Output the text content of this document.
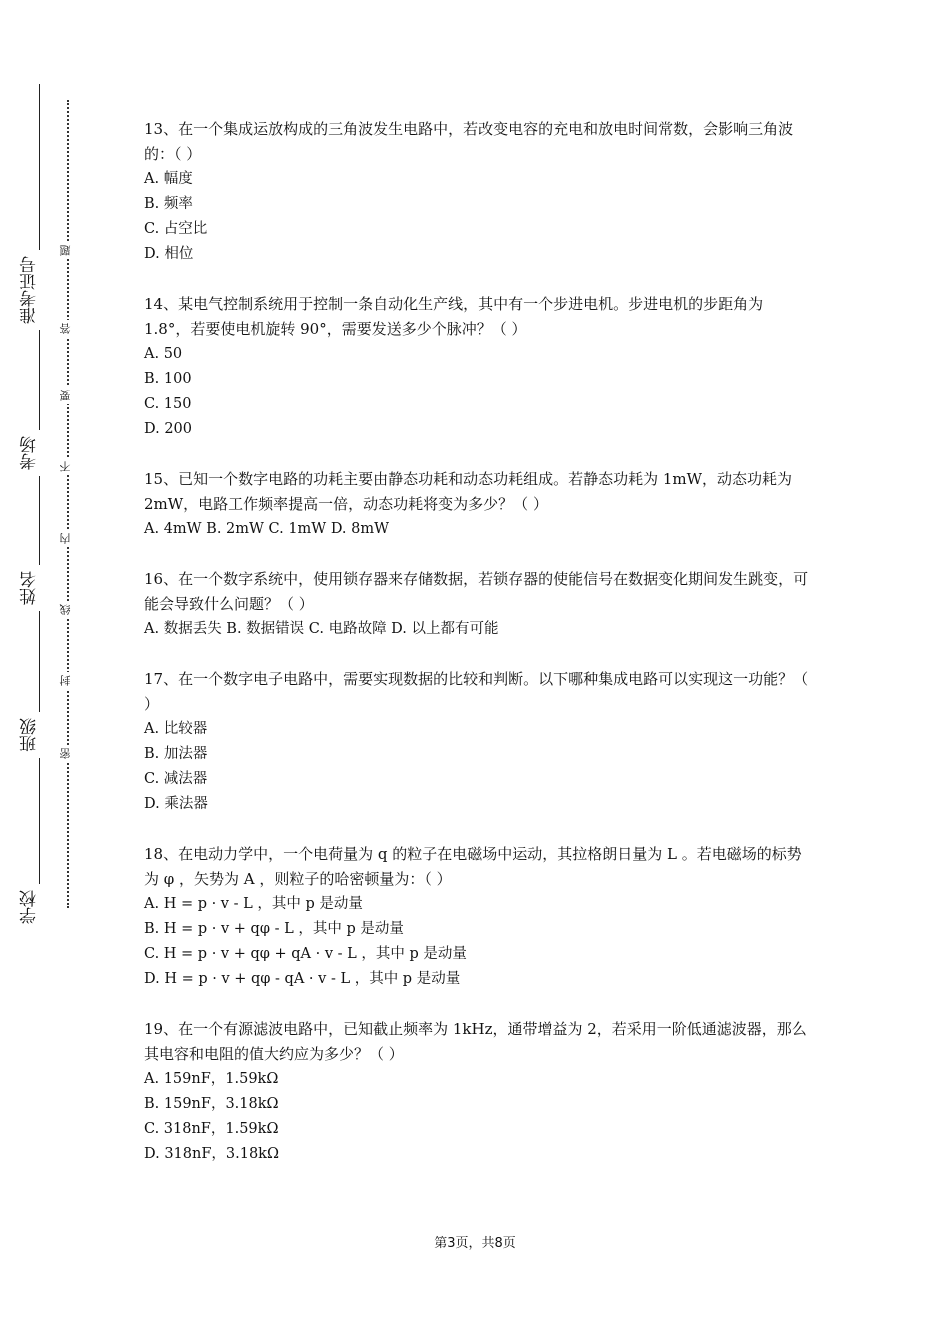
准考证号
考场
姓名
班级
学校
题
答
要
不
内
线
封
密
13、在一个集成运放构成的三角波发生电路中，若改变电容的充电和放电时间常数，会影响三角波的：（ ）
A. 幅度
B. 频率
C. 占空比
D. 相位
14、某电气控制系统用于控制一条自动化生产线，其中有一个步进电机。步进电机的步距角为 1.8°，若要使电机旋转 90°，需要发送多少个脉冲？（ ）
A. 50
B. 100
C. 150
D. 200
15、已知一个数字电路的功耗主要由静态功耗和动态功耗组成。若静态功耗为 1mW，动态功耗为 2mW，电路工作频率提高一倍，动态功耗将变为多少？（ ）
A. 4mW B. 2mW C. 1mW D. 8mW
16、在一个数字系统中，使用锁存器来存储数据，若锁存器的使能信号在数据变化期间发生跳变，可能会导致什么问题？（ ）
A. 数据丢失 B. 数据错误 C. 电路故障 D. 以上都有可能
17、在一个数字电子电路中，需要实现数据的比较和判断。以下哪种集成电路可以实现这一功能？（ ）
A. 比较器
B. 加法器
C. 减法器
D. 乘法器
18、在电动力学中，一个电荷量为 q 的粒子在电磁场中运动，其拉格朗日量为 L 。若电磁场的标势为 φ ，矢势为 A ，则粒子的哈密顿量为：（ ）
A. H = p · v - L ，其中 p 是动量
B. H = p · v + qφ - L ，其中 p 是动量
C. H = p · v + qφ + qA · v - L ，其中 p 是动量
D. H = p · v + qφ - qA · v - L ，其中 p 是动量
19、在一个有源滤波电路中，已知截止频率为 1kHz，通带增益为 2，若采用一阶低通滤波器，那么其电容和电阻的值大约应为多少？（ ）
A. 159nF，1.59kΩ
B. 159nF，3.18kΩ
C. 318nF，1.59kΩ
D. 318nF，3.18kΩ
第3页，共8页
